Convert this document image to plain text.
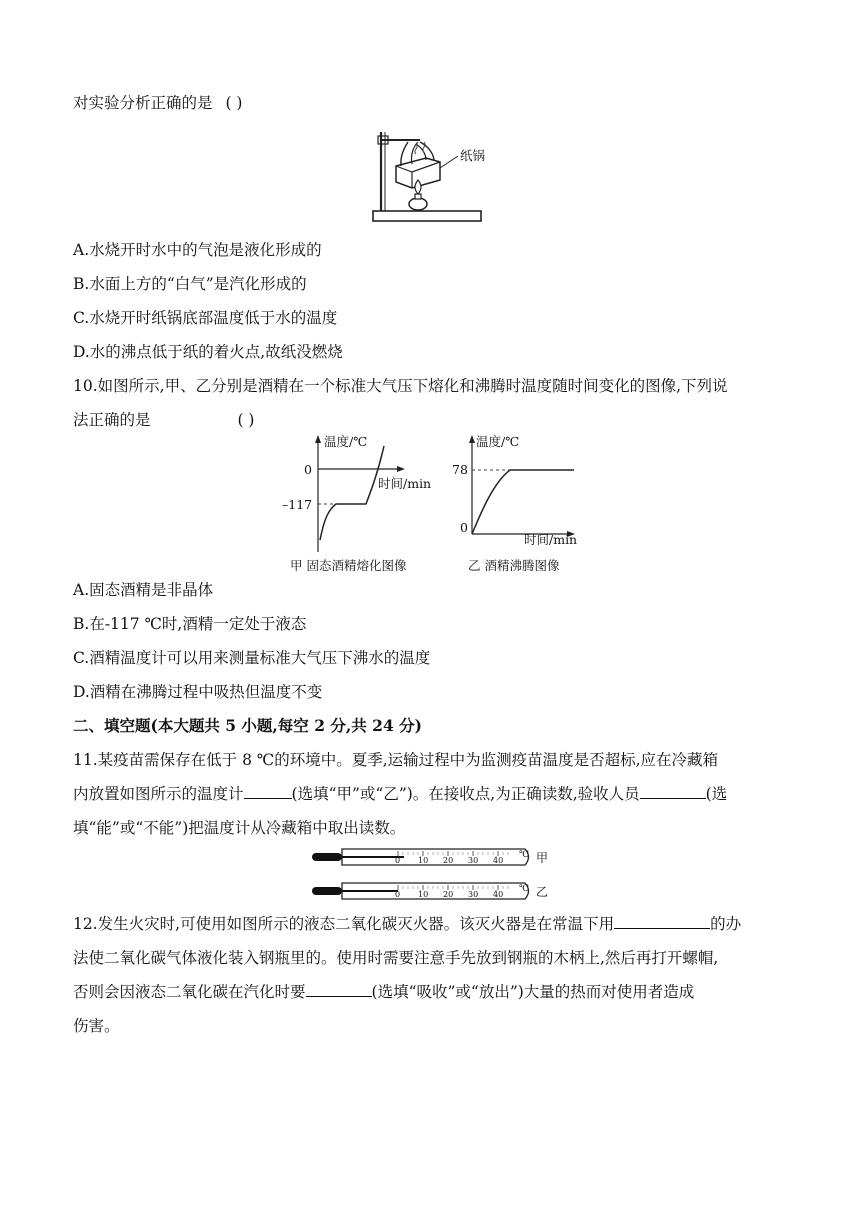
对实验分析正确的是 ( )
纸锅
A.水烧开时水中的气泡是液化形成的
B.水面上方的“白气”是汽化形成的
C.水烧开时纸锅底部温度低于水的温度
D.水的沸点低于纸的着火点,故纸没燃烧
10.如图所示,甲、乙分别是酒精在一个标准大气压下熔化和沸腾时温度随时间变化的图像,下列说
法正确的是	( )
温度/℃
0
–117
时间/min
甲 固态酒精熔化图像
温度/℃
78
0
时间/min
乙 酒精沸腾图像
A.固态酒精是非晶体
B.在-117 ℃时,酒精一定处于液态
C.酒精温度计可以用来测量标准大气压下沸水的温度
D.酒精在沸腾过程中吸热但温度不变
二、填空题(本大题共 5 小题,每空 2 分,共 24 分)
11.某疫苗需保存在低于 8 ℃的环境中。夏季,运输过程中为监测疫苗温度是否超标,应在冷藏箱
内放置如图所示的温度计	(选填“甲”或“乙”)。在接收点,为正确读数,验收人员	(选
填“能”或“不能”)把温度计从冷藏箱中取出读数。
0 10 20 30 40
℃ 甲
0 10 20 30 40
℃ 乙
12.发生火灾时,可使用如图所示的液态二氧化碳灭火器。该灭火器是在常温下用	的办
法使二氧化碳气体液化装入钢瓶里的。使用时需要注意手先放到钢瓶的木柄上,然后再打开螺帽,
否则会因液态二氧化碳在汽化时要	(选填“吸收”或“放出”)大量的热而对使用者造成
伤害。
